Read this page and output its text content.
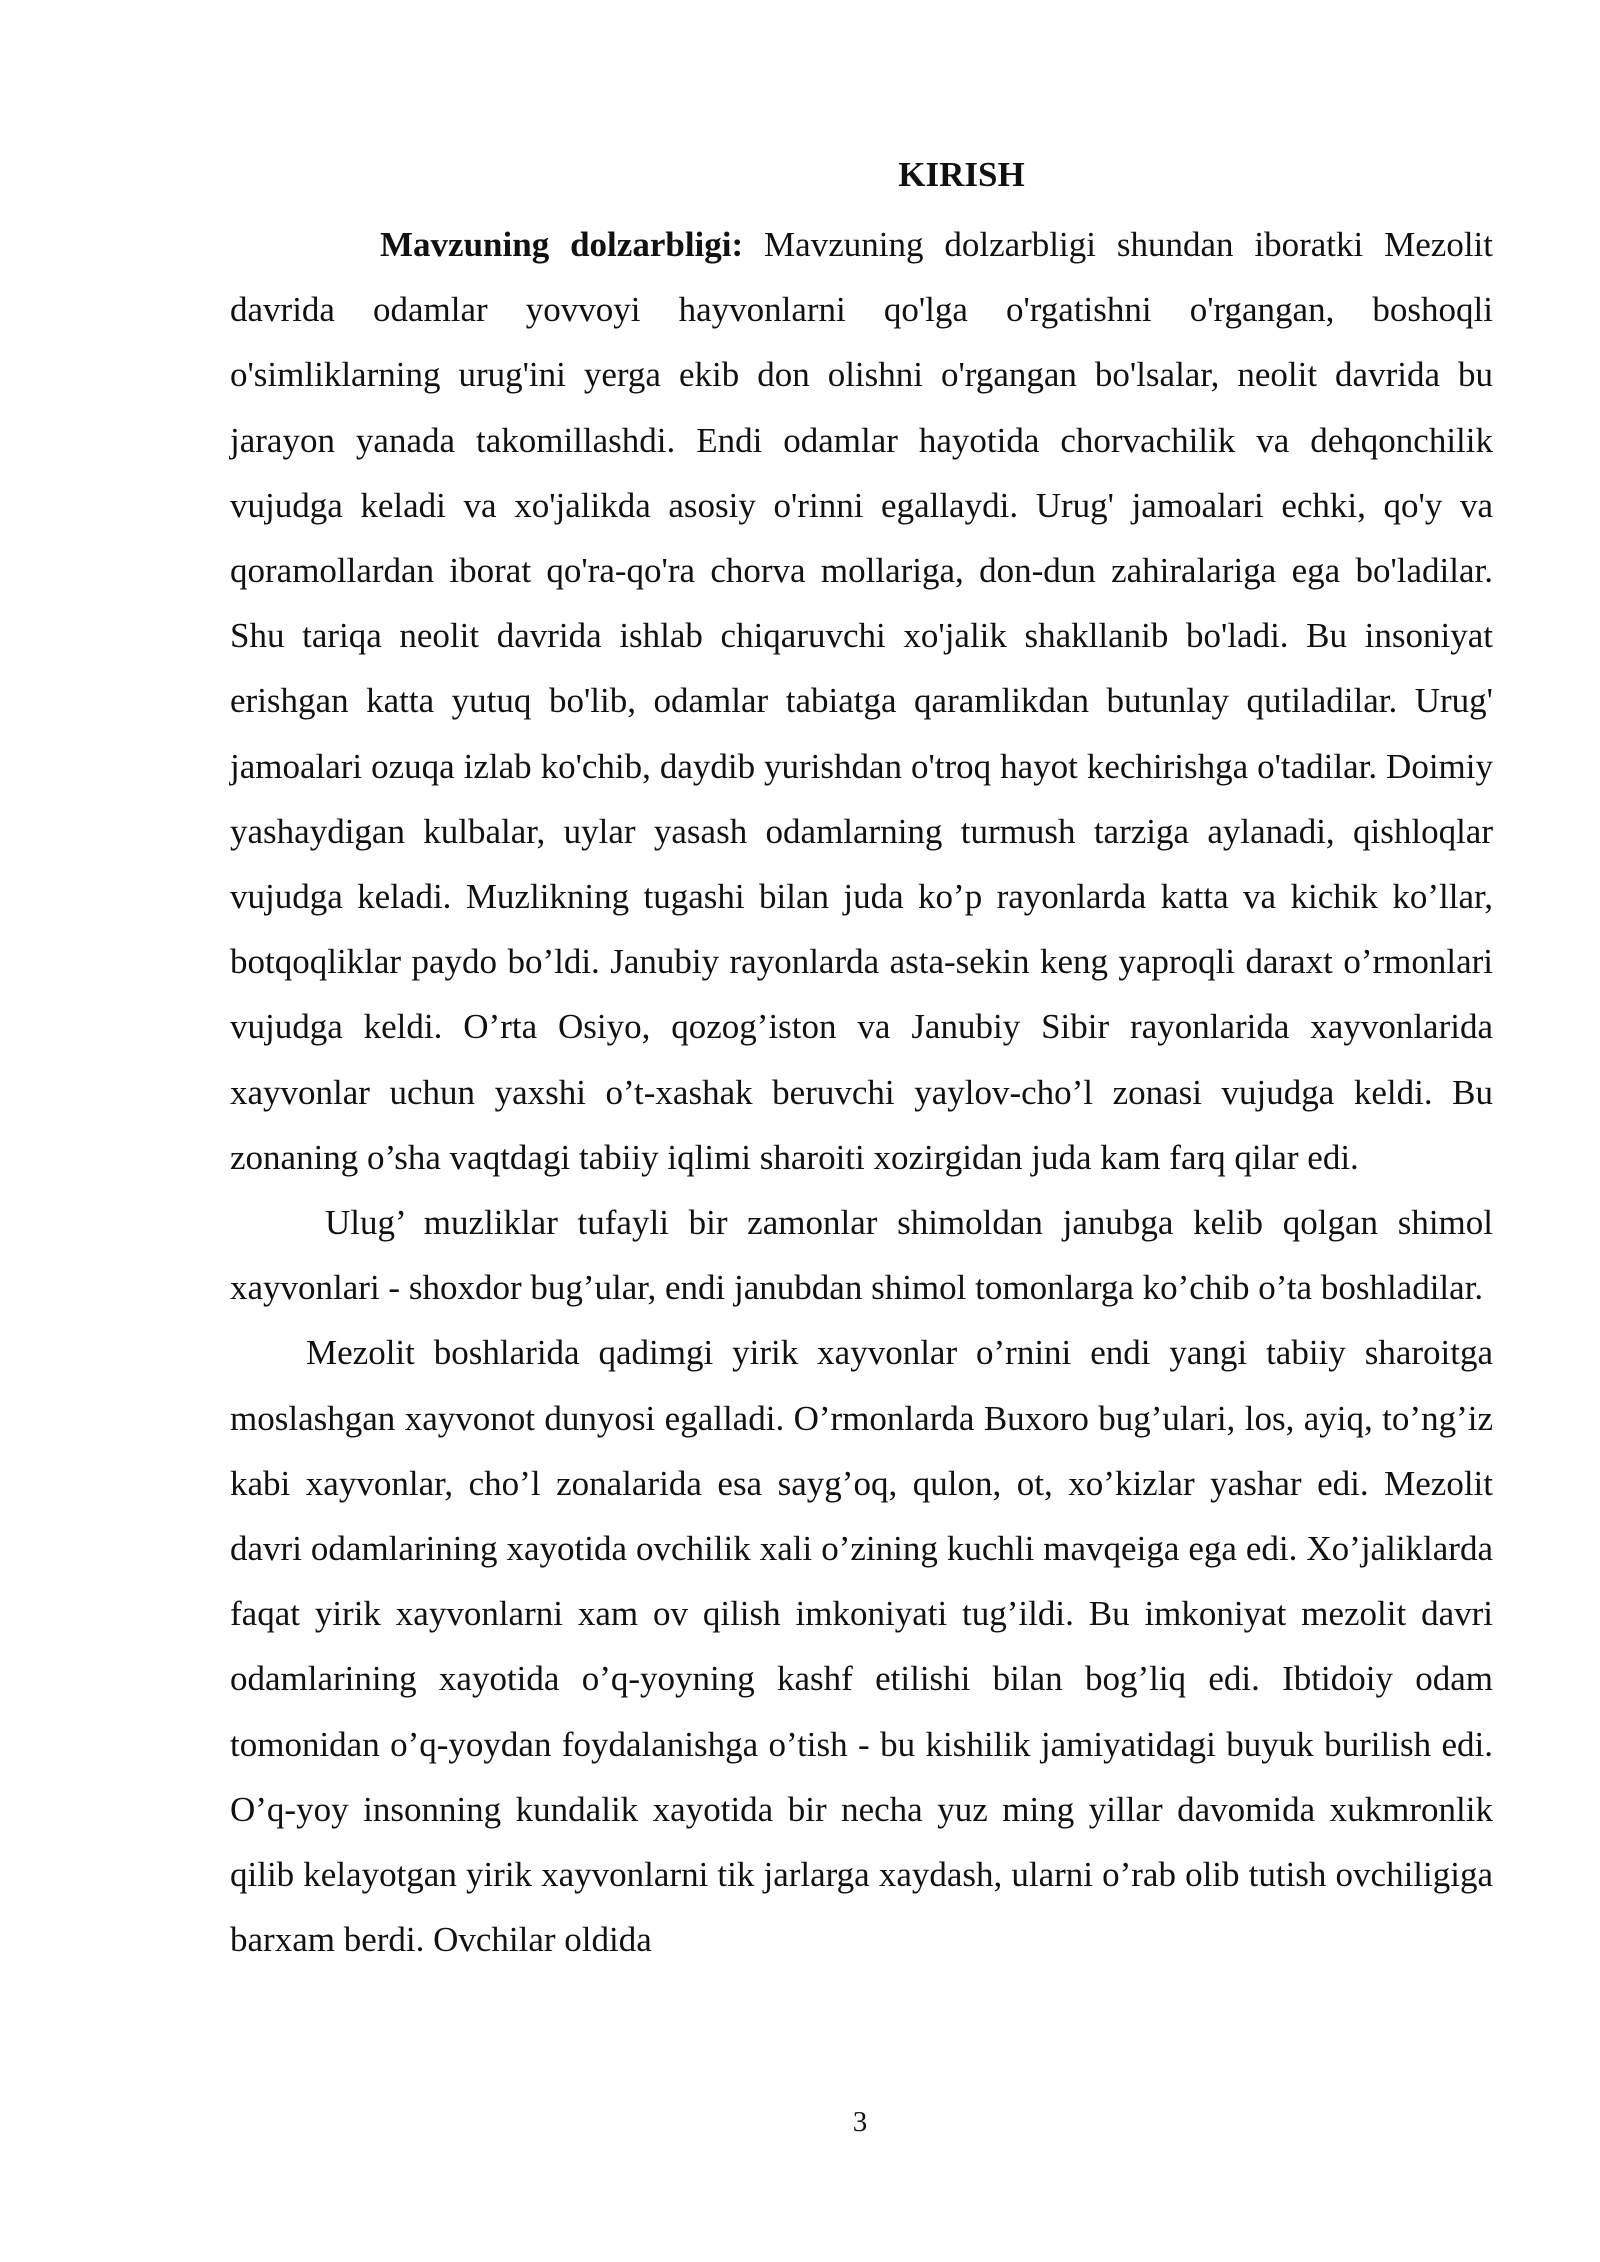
KIRISH

Mavzuning dolzarbligi: Mavzuning dolzarbligi shundan iboratki Mezolit davrida odamlar yovvoyi hayvonlarni qo'lga o'rgatishni o'rgangan, boshoqli o'simliklarning urug'ini yerga ekib don olishni o'rgangan bo'lsalar, neolit davrida bu jarayon yanada takomillashdi. Endi odamlar hayotida chorvachilik va dehqonchilik vujudga keladi va xo'jalikda asosiy o'rinni egallaydi. Urug' jamoalari echki, qo'y va qoramollardan iborat qo'ra-qo'ra chorva mollariga, don-dun zahiralariga ega bo'ladilar. Shu tariqa neolit davrida ishlab chiqaruvchi xo'jalik shakllanib bo'ladi. Bu insoniyat erishgan katta yutuq bo'lib, odamlar tabiatga qaramlikdan butunlay qutiladilar. Urug' jamoalari ozuqa izlab ko'chib, daydib yurishdan o'troq hayot kechirishga o'tadilar. Doimiy yashaydigan kulbalar, uylar yasash odamlarning turmush tarziga aylanadi, qishloqlar vujudga keladi. Muzlikning tugashi bilan juda ko’p rayonlarda katta va kichik ko’llar, botqoqliklar paydo bo’ldi. Janubiy rayonlarda asta-sekin keng yaproqli daraxt o’rmonlari vujudga keldi. O’rta Osiyo, qozog’iston va Janubiy Sibir rayonlarida xayvonlarida xayvonlar uchun yaxshi o’t-xashak beruvchi yaylov-cho’l zonasi vujudga keldi. Bu zonaning o’sha vaqtdagi tabiiy iqlimi sharoiti xozirgidan juda kam farq qilar edi.

Ulug’ muzliklar tufayli bir zamonlar shimoldan janubga kelib qolgan shimol xayvonlari - shoxdor bug’ular, endi janubdan shimol tomonlarga ko’chib o’ta boshladilar.

Mezolit boshlarida qadimgi yirik xayvonlar o’rnini endi yangi tabiiy sharoitga moslashgan xayvonot dunyosi egalladi. O’rmonlarda Buxoro bug’ulari, los, ayiq, to’ng’iz kabi xayvonlar, cho’l zonalarida esa sayg’oq, qulon, ot, xo’kizlar yashar edi. Mezolit davri odamlarining xayotida ovchilik xali o’zining kuchli mavqeiga ega edi. Xo’jaliklarda faqat yirik xayvonlarni xam ov qilish imkoniyati tug’ildi. Bu imkoniyat mezolit davri odamlarining xayotida o’q-yoyning kashf etilishi bilan bog’liq edi. Ibtidoiy odam tomonidan o’q-yoydan foydalanishga o’tish - bu kishilik jamiyatidagi buyuk burilish edi. O’q-yoy insonning kundalik xayotida bir necha yuz ming yillar davomida xukmronlik qilib kelayotgan yirik xayvonlarni tik jarlarga xaydash, ularni o’rab olib tutish ovchiligiga barxam berdi. Ovchilar oldida

3
